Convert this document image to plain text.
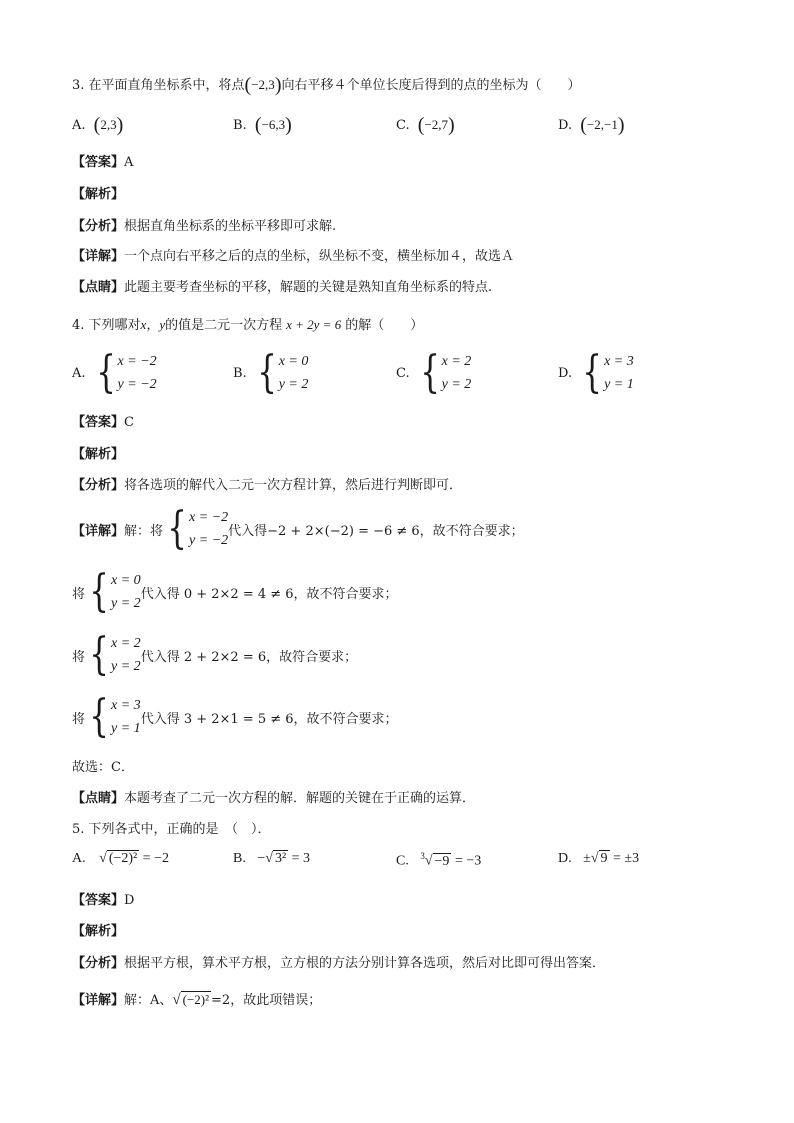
3. 在平面直角坐标系中，将点(−2,3)向右平移４个单位长度后得到的点的坐标为（　　）
A. (2,3)	B. (−6,3)	C. (−2,7)	D. (−2,−1)
【答案】A
【解析】
【分析】根据直角坐标系的坐标平移即可求解.
【详解】一个点向右平移之后的点的坐标，纵坐标不变，横坐标加４，故选Ａ
【点睛】此题主要考查坐标的平移，解题的关键是熟知直角坐标系的特点.
4. 下列哪对x，y的值是二元一次方程 x + 2y = 6 的解（　　）
A. { x = −2
y = −2
B. { x = 0
y = 2
C. { x = 2
y = 2
D. { x = 3
y = 1
【答案】C
【解析】
【分析】将各选项的解代入二元一次方程计算，然后进行判断即可．
【详解】 解：将 { x = −2
y = −2
代入得−2 + 2×(−2) = −6 ≠ 6，故不符合要求；
将 { x = 0
y = 2
代入得 0 + 2×2 = 4 ≠ 6，故不符合要求；
将 { x = 2
y = 2
代入得 2 + 2×2 = 6，故符合要求；
将 { x = 3
y = 1
代入得 3 + 2×1 = 5 ≠ 6，故不符合要求；
故选：C．
【点睛】本题考查了二元一次方程的解．解题的关键在于正确的运算．
5. 下列各式中，正确的是　（　）．
A. √ (−2)² = −2	B. −√ 3² = 3	C. $^3$√ −9 = −3	D. ±√ 9 = ±3
【答案】D
【解析】
【分析】根据平方根，算术平方根，立方根的方法分别计算各选项，然后对比即可得出答案．
【详解】解：A、√ (−2)² =2，故此项错误；
